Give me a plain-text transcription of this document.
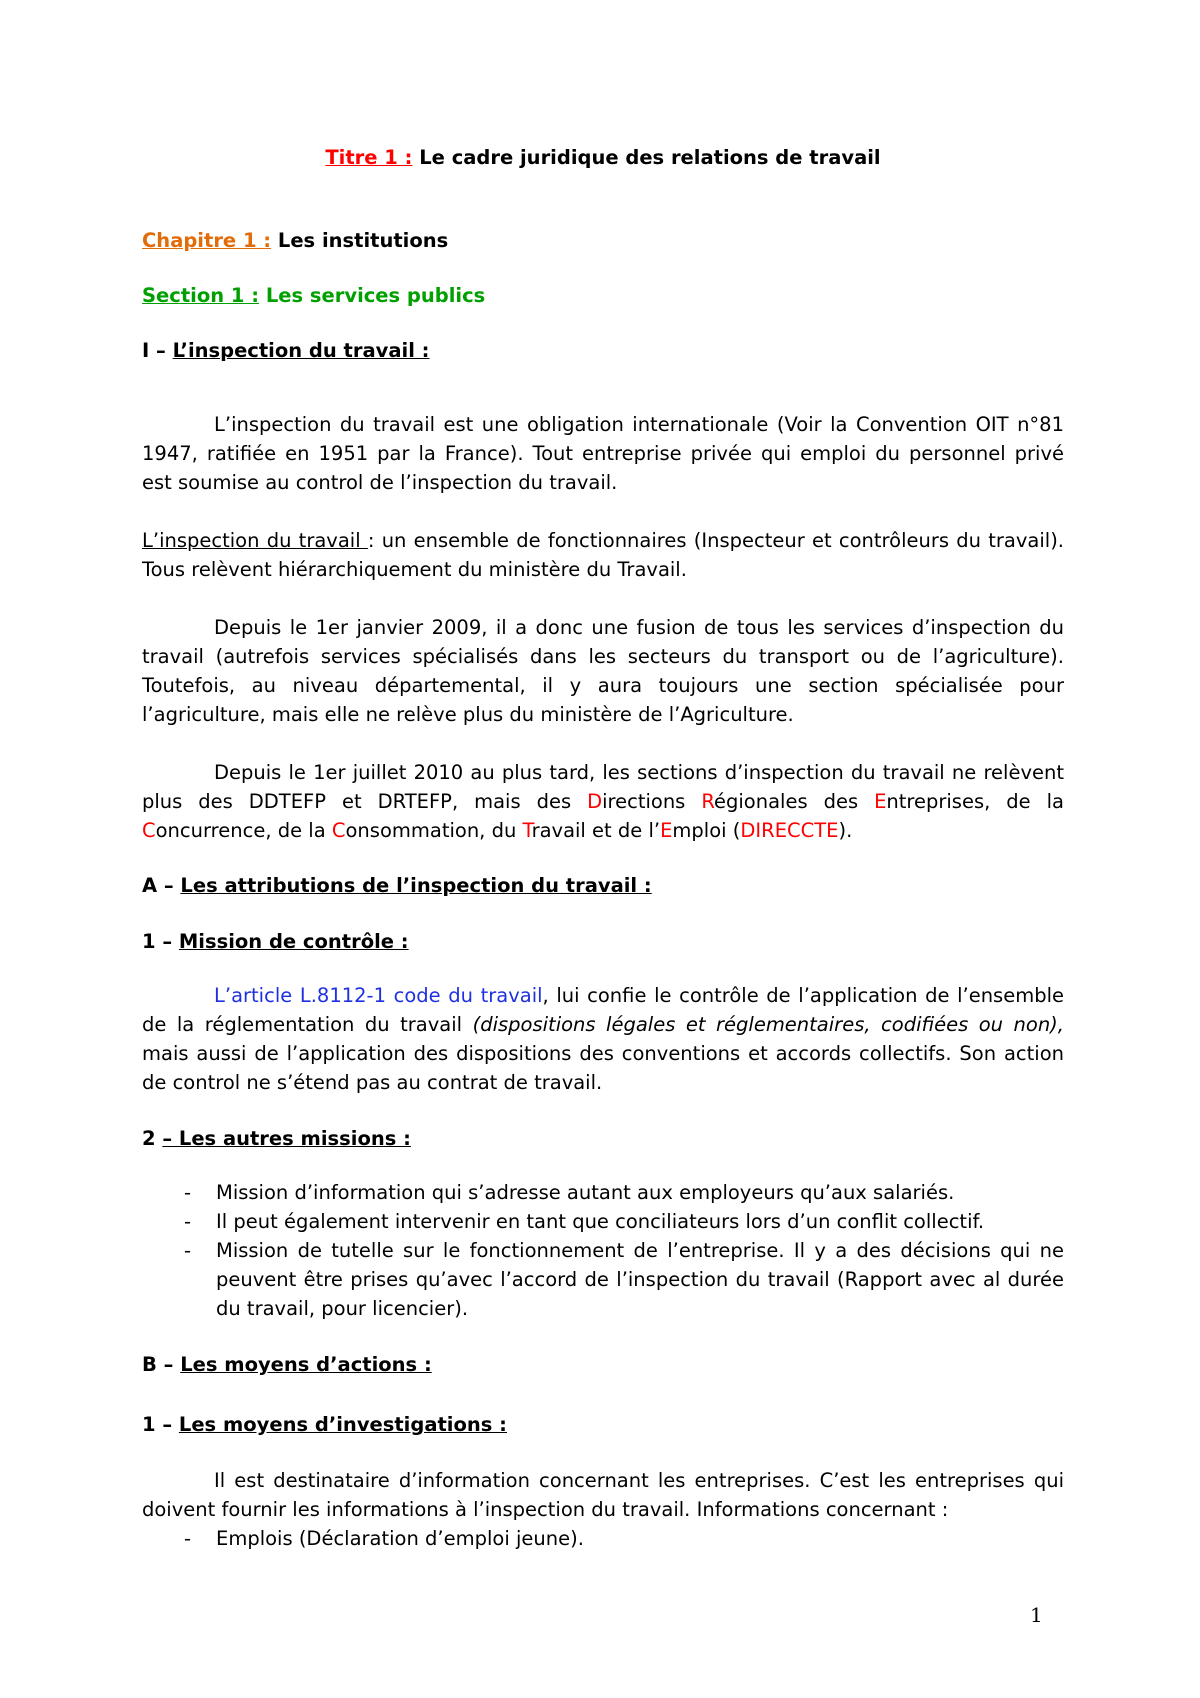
Titre 1 : Le cadre juridique des relations de travail
Chapitre 1 : Les institutions
Section 1 : Les services publics
I – L’inspection du travail :
L’inspection du travail est une obligation internationale (Voir la Convention OIT n°81
1947, ratifiée en 1951 par la France). Tout entreprise privée qui emploi du personnel privé
est soumise au control de l’inspection du travail.
L’inspection du travail : un ensemble de fonctionnaires (Inspecteur et contrôleurs du travail).
Tous relèvent hiérarchiquement du ministère du Travail.
Depuis le 1er janvier 2009, il a donc une fusion de tous les services d’inspection du
travail (autrefois services spécialisés dans les secteurs du transport ou de l’agriculture).
Toutefois, au niveau départemental, il y aura toujours une section spécialisée pour
l’agriculture, mais elle ne relève plus du ministère de l’Agriculture.
Depuis le 1er juillet 2010 au plus tard, les sections d’inspection du travail ne relèvent
plus des DDTEFP et DRTEFP, mais des Directions Régionales des Entreprises, de la
Concurrence, de la Consommation, du Travail et de l’Emploi (DIRECCTE).
A – Les attributions de l’inspection du travail :
1 – Mission de contrôle :
L’article L.8112-1 code du travail, lui confie le contrôle de l’application de l’ensemble
de la réglementation du travail (dispositions légales et réglementaires, codifiées ou non),
mais aussi de l’application des dispositions des conventions et accords collectifs. Son action
de control ne s’étend pas au contrat de travail.
2 – Les autres missions :
- Mission d’information qui s’adresse autant aux employeurs qu’aux salariés.
- Il peut également intervenir en tant que conciliateurs lors d’un conflit collectif.
- Mission de tutelle sur le fonctionnement de l’entreprise. Il y a des décisions qui ne
peuvent être prises qu’avec l’accord de l’inspection du travail (Rapport avec al durée
du travail, pour licencier).
B – Les moyens d’actions :
1 – Les moyens d’investigations :
Il est destinataire d’information concernant les entreprises. C’est les entreprises qui
doivent fournir les informations à l’inspection du travail. Informations concernant :
- Emplois (Déclaration d’emploi jeune).
1
